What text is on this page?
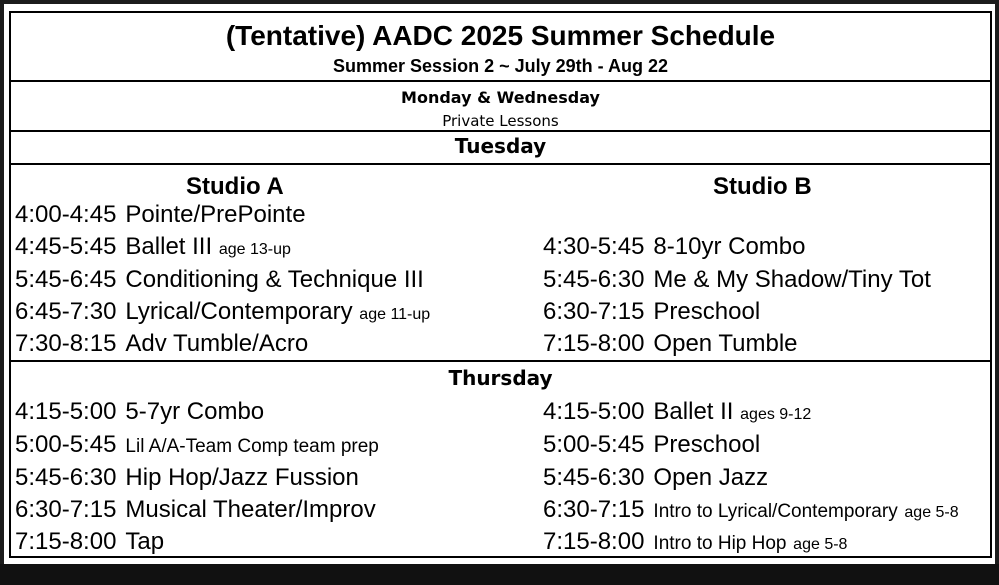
(Tentative) AADC 2025 Summer Schedule
Summer Session 2 ~ July 29th - Aug 22
Monday & Wednesday
Private Lessons
Tuesday
Studio A	Studio B
4:00-4:45 Pointe/PrePointe
4:45-5:45 Ballet III age 13-up
5:45-6:45 Conditioning & Technique III
6:45-7:30 Lyrical/Contemporary age 11-up
7:30-8:15 Adv Tumble/Acro
4:30-5:45 8-10yr Combo
5:45-6:30 Me & My Shadow/Tiny Tot
6:30-7:15 Preschool
7:15-8:00 Open Tumble
Thursday
4:15-5:00 5-7yr Combo
5:00-5:45 Lil A/A-Team Comp team prep
5:45-6:30 Hip Hop/Jazz Fussion
6:30-7:15 Musical Theater/Improv
7:15-8:00 Tap
4:15-5:00 Ballet II ages 9-12
5:00-5:45 Preschool
5:45-6:30 Open Jazz
6:30-7:15 Intro to Lyrical/Contemporary age 5-8
7:15-8:00 Intro to Hip Hop age 5-8
